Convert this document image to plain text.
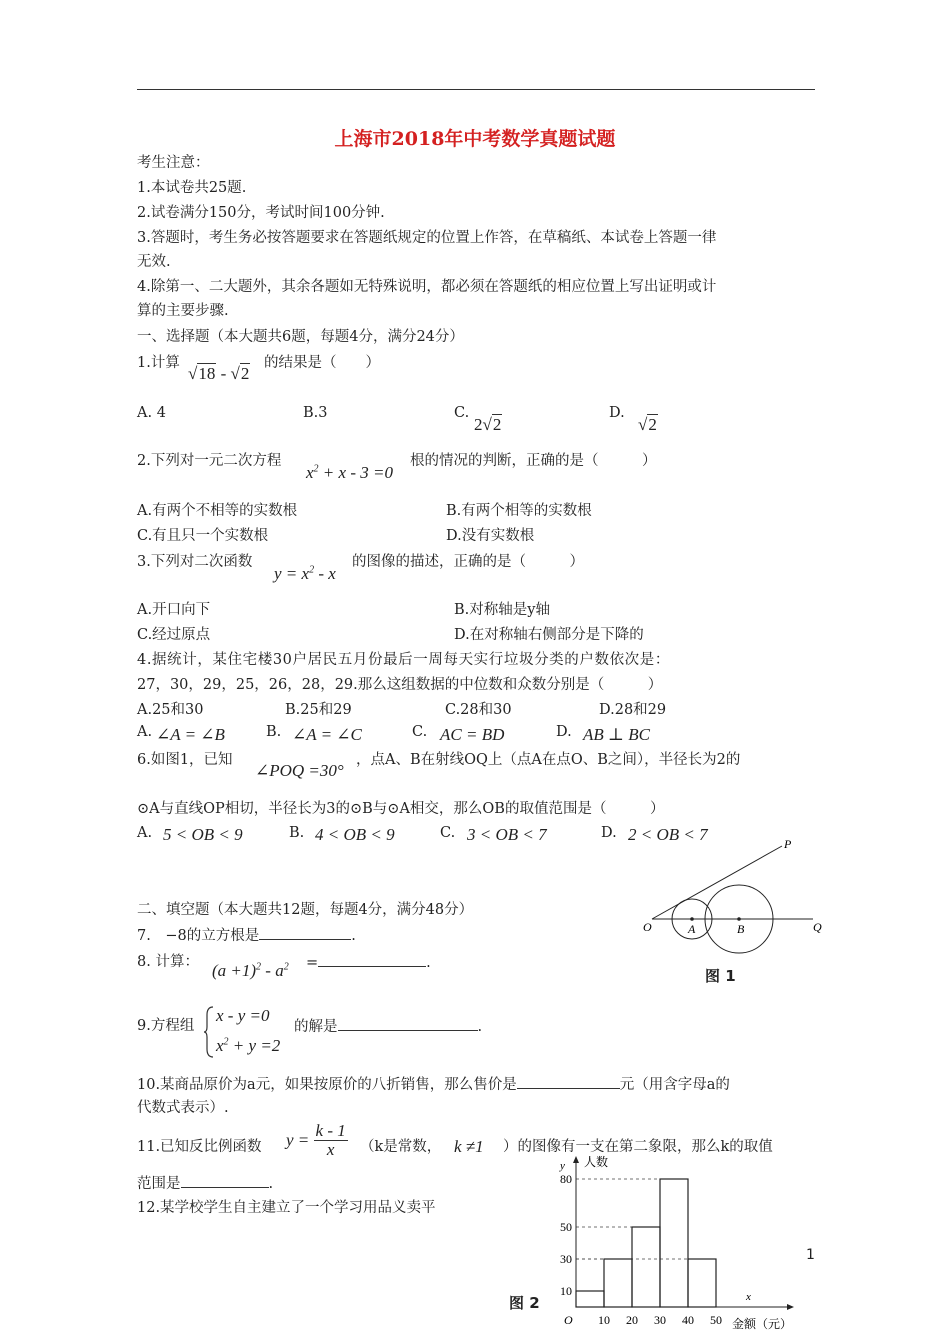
上海市2018年中考数学真题试题
考生注意：
1.本试卷共25题.
2.试卷满分150分，考试时间100分钟.
3.答题时，考生务必按答题要求在答题纸规定的位置上作答，在草稿纸、本试卷上答题一律
无效.
4.除第一、二大题外，其余各题如无特殊说明，都必须在答题纸的相应位置上写出证明或计
算的主要步骤.
一、选择题（本大题共6题，每题4分，满分24分）
1.计算
√18 - √2
的结果是（　　）
A. 4	B.3	C.
2√2
D.
√2
2.下列对一元二次方程
$x^2 + x - 3 =0$
根的情况的判断，正确的是（　　　）
A.有两个不相等的实数根	B.有两个相等的实数根
C.有且只一个实数根	D.没有实数根
3.下列对二次函数
$y = x^2 - x$
的图像的描述，正确的是（　　　）
A.开口向下	B.对称轴是y轴
C.经过原点	D.在对称轴右侧部分是下降的
4.据统计，某住宅楼30户居民五月份最后一周每天实行垃圾分类的户数依次是：
27，30，29，25，26，28，29.那么这组数据的中位数和众数分别是（　　　）
A.25和30	B.25和29	C.28和30	D.28和29
A. ∠A = ∠B	B. ∠A = ∠C	C. AC = BD	D. AB ⊥ BC
6.如图1，已知
∠POQ =30°
，点A、B在射线OQ上（点A在点O、B之间），半径长为2的
⊙A与直线OP相切，半径长为3的⊙B与⊙A相交，那么OB的取值范围是（　　　）
A. 5 < OB < 9	B. 4 < OB < 9	C. 3 < OB < 7	D. 2 < OB < 7
二、填空题（本大题共12题，每题4分，满分48分）
7.　−8的立方根是	.
8. 计算： $(a +1)^2 - a^2$ =	.
9.方程组
x - y =0
$x^2 + y =2$
的解是	.
10.某商品原价为a元，如果按原价的八折销售，那么售价是	元（用含字母a的
代数式表示）.
11.已知反比例函数 $y = \frac{k - 1}{x} (k$是常数， k ≠1 ）的图像有一支在第二象限，那么k的取值
范围是	.
12.某学校学生自主建立了一个学习用品义卖平
P
O	A	B	Q
图 1
80
50
30
10
10 20 30 40 50
y 人数
x
金额（元）
O
图 2
1
